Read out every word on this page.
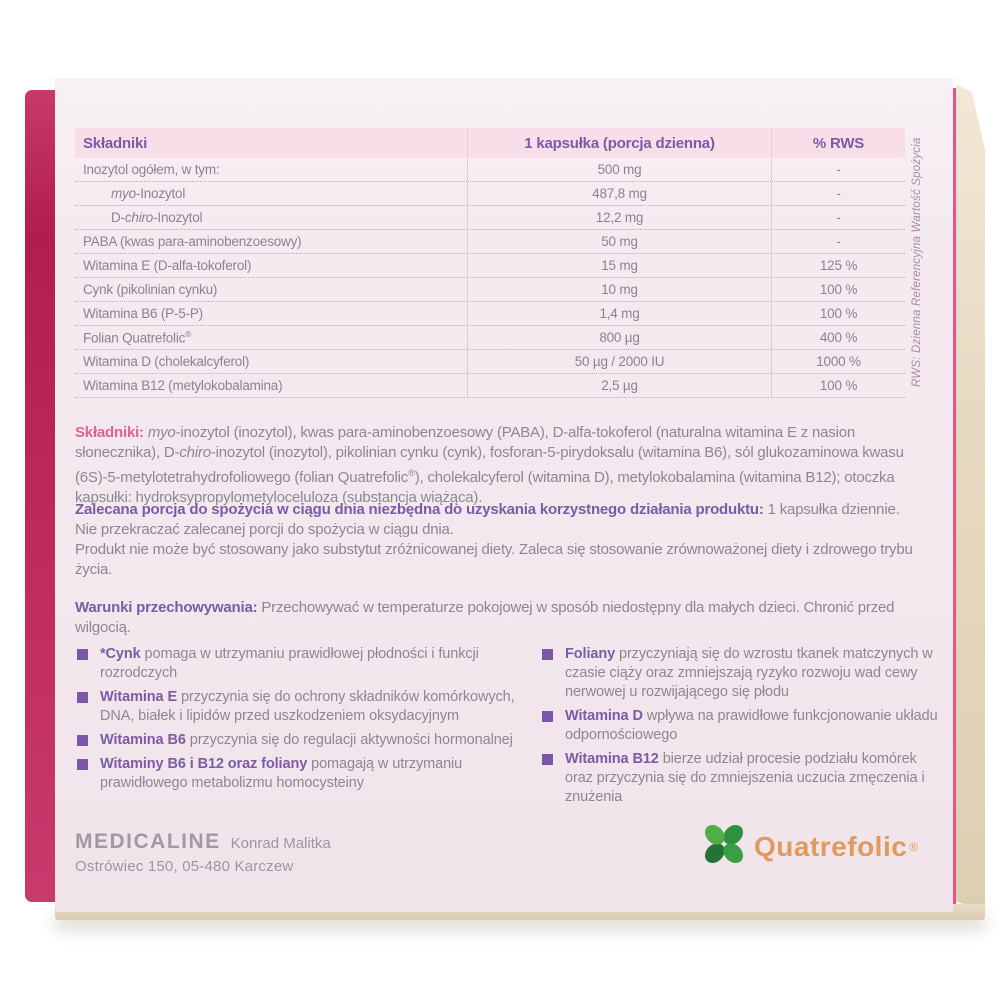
Składniki	1 kapsułka (porcja dzienna)	% RWS
Inozytol ogółem, w tym:	500 mg	-
myo-Inozytol	487,8 mg	-
D-chiro-Inozytol	12,2 mg	-
PABA (kwas para-aminobenzoesowy)	50 mg	-
Witamina E (D-alfa-tokoferol)	15 mg	125 %
Cynk (pikolinian cynku)	10 mg	100 %
Witamina B6 (P-5-P)	1,4 mg	100 %
Folian Quatrefolic®	800 µg	400 %
Witamina D (cholekalcyferol)	50 µg / 2000 IU	1000 %
Witamina B12 (metylokobalamina)	2,5 µg	100 %	RWS: Dzienna Referencyjna Wartość Spożycia

Składniki: myo-inozytol (inozytol), kwas para-aminobenzoesowy (PABA), D-alfa-tokoferol (naturalna witamina E z nasion słonecznika), D-chiro-inozytol (inozytol), pikolinian cynku (cynk), fosforan-5-pirydoksalu (witamina B6), sól glukozaminowa kwasu (6S)-5-metylotetrahydrofoliowego (folian Quatrefolic®), cholekalcyferol (witamina D), metylokobalamina (witamina B12); otoczka kapsułki: hydroksypropylometyloceluloza (substancja wiążąca).

Zalecana porcja do spożycia w ciągu dnia niezbędna do uzyskania korzystnego działania produktu: 1 kapsułka dziennie.
Nie przekraczać zalecanej porcji do spożycia w ciągu dnia.
Produkt nie może być stosowany jako substytut zróżnicowanej diety. Zaleca się stosowanie zrównoważonej diety i zdrowego trybu życia.

Warunki przechowywania: Przechowywać w temperaturze pokojowej w sposób niedostępny dla małych dzieci. Chronić przed wilgocią.

*Cynk pomaga w utrzymaniu prawidłowej płodności i funkcji rozrodczych
Witamina E przyczynia się do ochrony składników komórkowych, DNA, białek i lipidów przed uszkodzeniem oksydacyjnym
Witamina B6 przyczynia się do regulacji aktywności hormonalnej
Witaminy B6 i B12 oraz foliany pomagają w utrzymaniu prawidłowego metabolizmu homocysteiny
Foliany przyczyniają się do wzrostu tkanek matczynych w czasie ciąży oraz zmniejszają ryzyko rozwoju wad cewy nerwowej u rozwijającego się płodu
Witamina D wpływa na prawidłowe funkcjonowanie układu odpornościowego
Witamina B12 bierze udział procesie podziału komórek oraz przyczynia się do zmniejszenia uczucia zmęczenia i znużenia
MEDICALINE Konrad Malitka
Ostrówiec 150, 05-480 Karczew
Quatrefolic ®
